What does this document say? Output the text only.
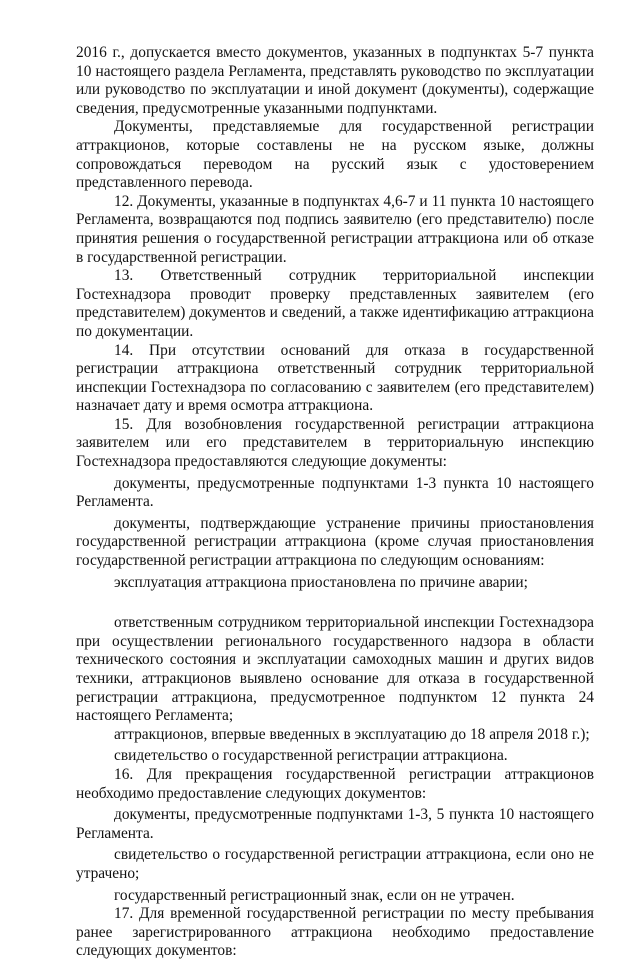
2016 г., допускается вместо документов, указанных в подпунктах 5-7 пункта 10 настоящего раздела Регламента, представлять руководство по эксплуатации или руководство по эксплуатации и иной документ (документы), содержащие сведения, предусмотренные указанными подпунктами.

Документы, представляемые для государственной регистрации аттракционов, которые составлены не на русском языке, должны сопровождаться переводом на русский язык с удостоверением представленного перевода.

12. Документы, указанные в подпунктах 4,6-7 и 11 пункта 10 настоящего Регламента, возвращаются под подпись заявителю (его представителю) после принятия решения о государственной регистрации аттракциона или об отказе в государственной регистрации.

13. Ответственный сотрудник территориальной инспекции Гостехнадзора проводит проверку представленных заявителем (его представителем) документов и сведений, а также идентификацию аттракциона по документации.

14. При отсутствии оснований для отказа в государственной регистрации аттракциона ответственный сотрудник территориальной инспекции Гостехнадзора по согласованию с заявителем (его представителем) назначает дату и время осмотра аттракциона.

15. Для возобновления государственной регистрации аттракциона заявителем или его представителем в территориальную инспекцию Гостехнадзора предоставляются следующие документы:

документы, предусмотренные подпунктами 1-3 пункта 10 настоящего Регламента.

документы, подтверждающие устранение причины приостановления государственной регистрации аттракциона (кроме случая приостановления государственной регистрации аттракциона по следующим основаниям:

эксплуатация аттракциона приостановлена по причине аварии;

ответственным сотрудником территориальной инспекции Гостехнадзора при осуществлении регионального государственного надзора в области технического состояния и эксплуатации самоходных машин и других видов техники, аттракционов выявлено основание для отказа в государственной регистрации аттракциона, предусмотренное подпунктом 12 пункта 24 настоящего Регламента;

аттракционов, впервые введенных в эксплуатацию до 18 апреля 2018 г.);

свидетельство о государственной регистрации аттракциона.

16. Для прекращения государственной регистрации аттракционов необходимо предоставление следующих документов:

документы, предусмотренные подпунктами 1-3, 5 пункта 10 настоящего Регламента.

свидетельство о государственной регистрации аттракциона, если оно не утрачено;

государственный регистрационный знак, если он не утрачен.

17. Для временной государственной регистрации по месту пребывания ранее зарегистрированного аттракциона необходимо предоставление следующих документов:
